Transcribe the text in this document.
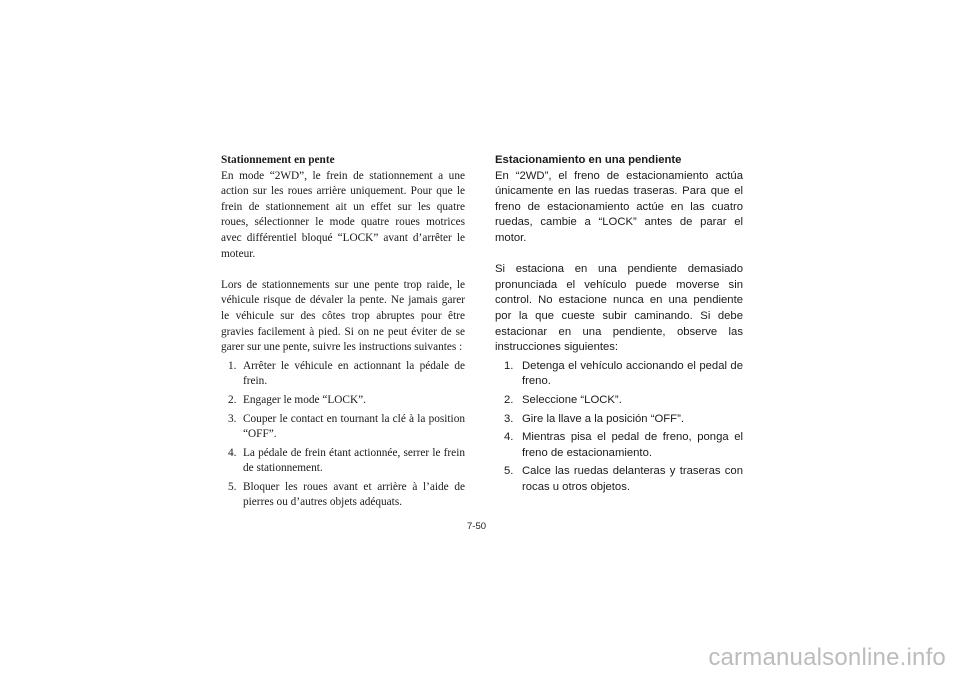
Stationnement en pente

En mode “2WD”, le frein de stationnement a une action sur les roues arrière uniquement. Pour que le frein de stationnement ait un effet sur les quatre roues, sélectionner le mode quatre roues motrices avec différentiel bloqué “LOCK” avant d’arrêter le moteur.

Lors de stationnements sur une pente trop raide, le véhicule risque de dévaler la pente. Ne jamais garer le véhicule sur des côtes trop abruptes pour être gravies facilement à pied. Si on ne peut éviter de se garer sur une pente, suivre les instructions suivantes :

1. Arrêter le véhicule en actionnant la pédale de frein.
2. Engager le mode “LOCK”.
3. Couper le contact en tournant la clé à la position “OFF”.
4. La pédale de frein étant actionnée, serrer le frein de stationnement.
5. Bloquer les roues avant et arrière à l’aide de pierres ou d’autres objets adéquats.

Estacionamiento en una pendiente

En “2WD”, el freno de estacionamiento actúa únicamente en las ruedas traseras. Para que el freno de estacionamiento actúe en las cuatro ruedas, cambie a “LOCK” antes de parar el motor.

Si estaciona en una pendiente demasiado pronunciada el vehículo puede moverse sin control. No estacione nunca en una pendiente por la que cueste subir caminando. Si debe estacionar en una pendiente, observe las instrucciones siguientes:

1. Detenga el vehículo accionando el pedal de freno.
2. Seleccione “LOCK”.
3. Gire la llave a la posición “OFF”.
4. Mientras pisa el pedal de freno, ponga el freno de estacionamiento.
5. Calce las ruedas delanteras y traseras con rocas u otros objetos.
7-50
carmanualsonline.info
